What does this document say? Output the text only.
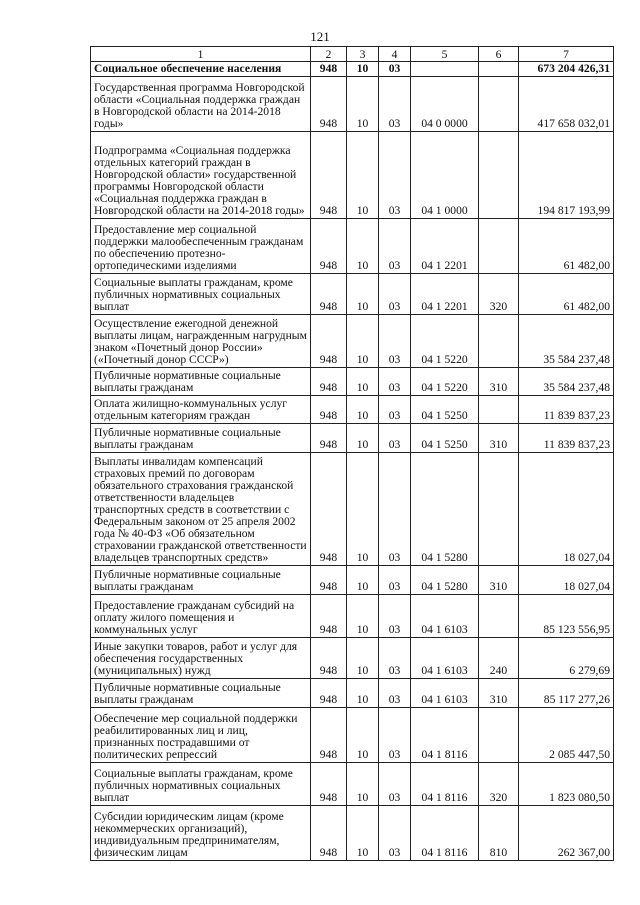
121
1	2	3	4	5	6	7
Социальное обеспечение населения	948	10	03			673 204 426,31
Государственная программа Новгородской области «Социальная поддержка граждан в Новгородской области на 2014-2018 годы»	948	10	03	04 0 0000		417 658 032,01
Подпрограмма «Социальная поддержка отдельных категорий граждан в Новгородской области» государственной программы Новгородской области «Социальная поддержка граждан в Новгородской области на 2014-2018 годы»	948	10	03	04 1 0000		194 817 193,99
Предоставление мер социальной поддержки малообеспеченным гражданам по обеспечению протезно-ортопедическими изделиями	948	10	03	04 1 2201		61 482,00
Социальные выплаты гражданам, кроме публичных нормативных социальных выплат	948	10	03	04 1 2201	320	61 482,00
Осуществление ежегодной денежной выплаты лицам, награжденным нагрудным знаком «Почетный донор России» («Почетный донор СССР»)	948	10	03	04 1 5220		35 584 237,48
Публичные нормативные социальные выплаты гражданам	948	10	03	04 1 5220	310	35 584 237,48
Оплата жилищно-коммунальных услуг отдельным категориям граждан	948	10	03	04 1 5250		11 839 837,23
Публичные нормативные социальные выплаты гражданам	948	10	03	04 1 5250	310	11 839 837,23
Выплаты инвалидам компенсаций страховых премий по договорам обязательного страхования гражданской ответственности владельцев транспортных средств в соответствии с Федеральным законом от 25 апреля 2002 года № 40-ФЗ «Об обязательном страховании гражданской ответственности владельцев транспортных средств»	948	10	03	04 1 5280		18 027,04
Публичные нормативные социальные выплаты гражданам	948	10	03	04 1 5280	310	18 027,04
Предоставление гражданам субсидий на оплату жилого помещения и коммунальных услуг	948	10	03	04 1 6103		85 123 556,95
Иные закупки товаров, работ и услуг для обеспечения государственных (муниципальных) нужд	948	10	03	04 1 6103	240	6 279,69
Публичные нормативные социальные выплаты гражданам	948	10	03	04 1 6103	310	85 117 277,26
Обеспечение мер социальной поддержки реабилитированных лиц и лиц, признанных пострадавшими от политических репрессий	948	10	03	04 1 8116		2 085 447,50
Социальные выплаты гражданам, кроме публичных нормативных социальных выплат	948	10	03	04 1 8116	320	1 823 080,50
Субсидии юридическим лицам (кроме некоммерческих организаций), индивидуальным предпринимателям, физическим лицам	948	10	03	04 1 8116	810	262 367,00
